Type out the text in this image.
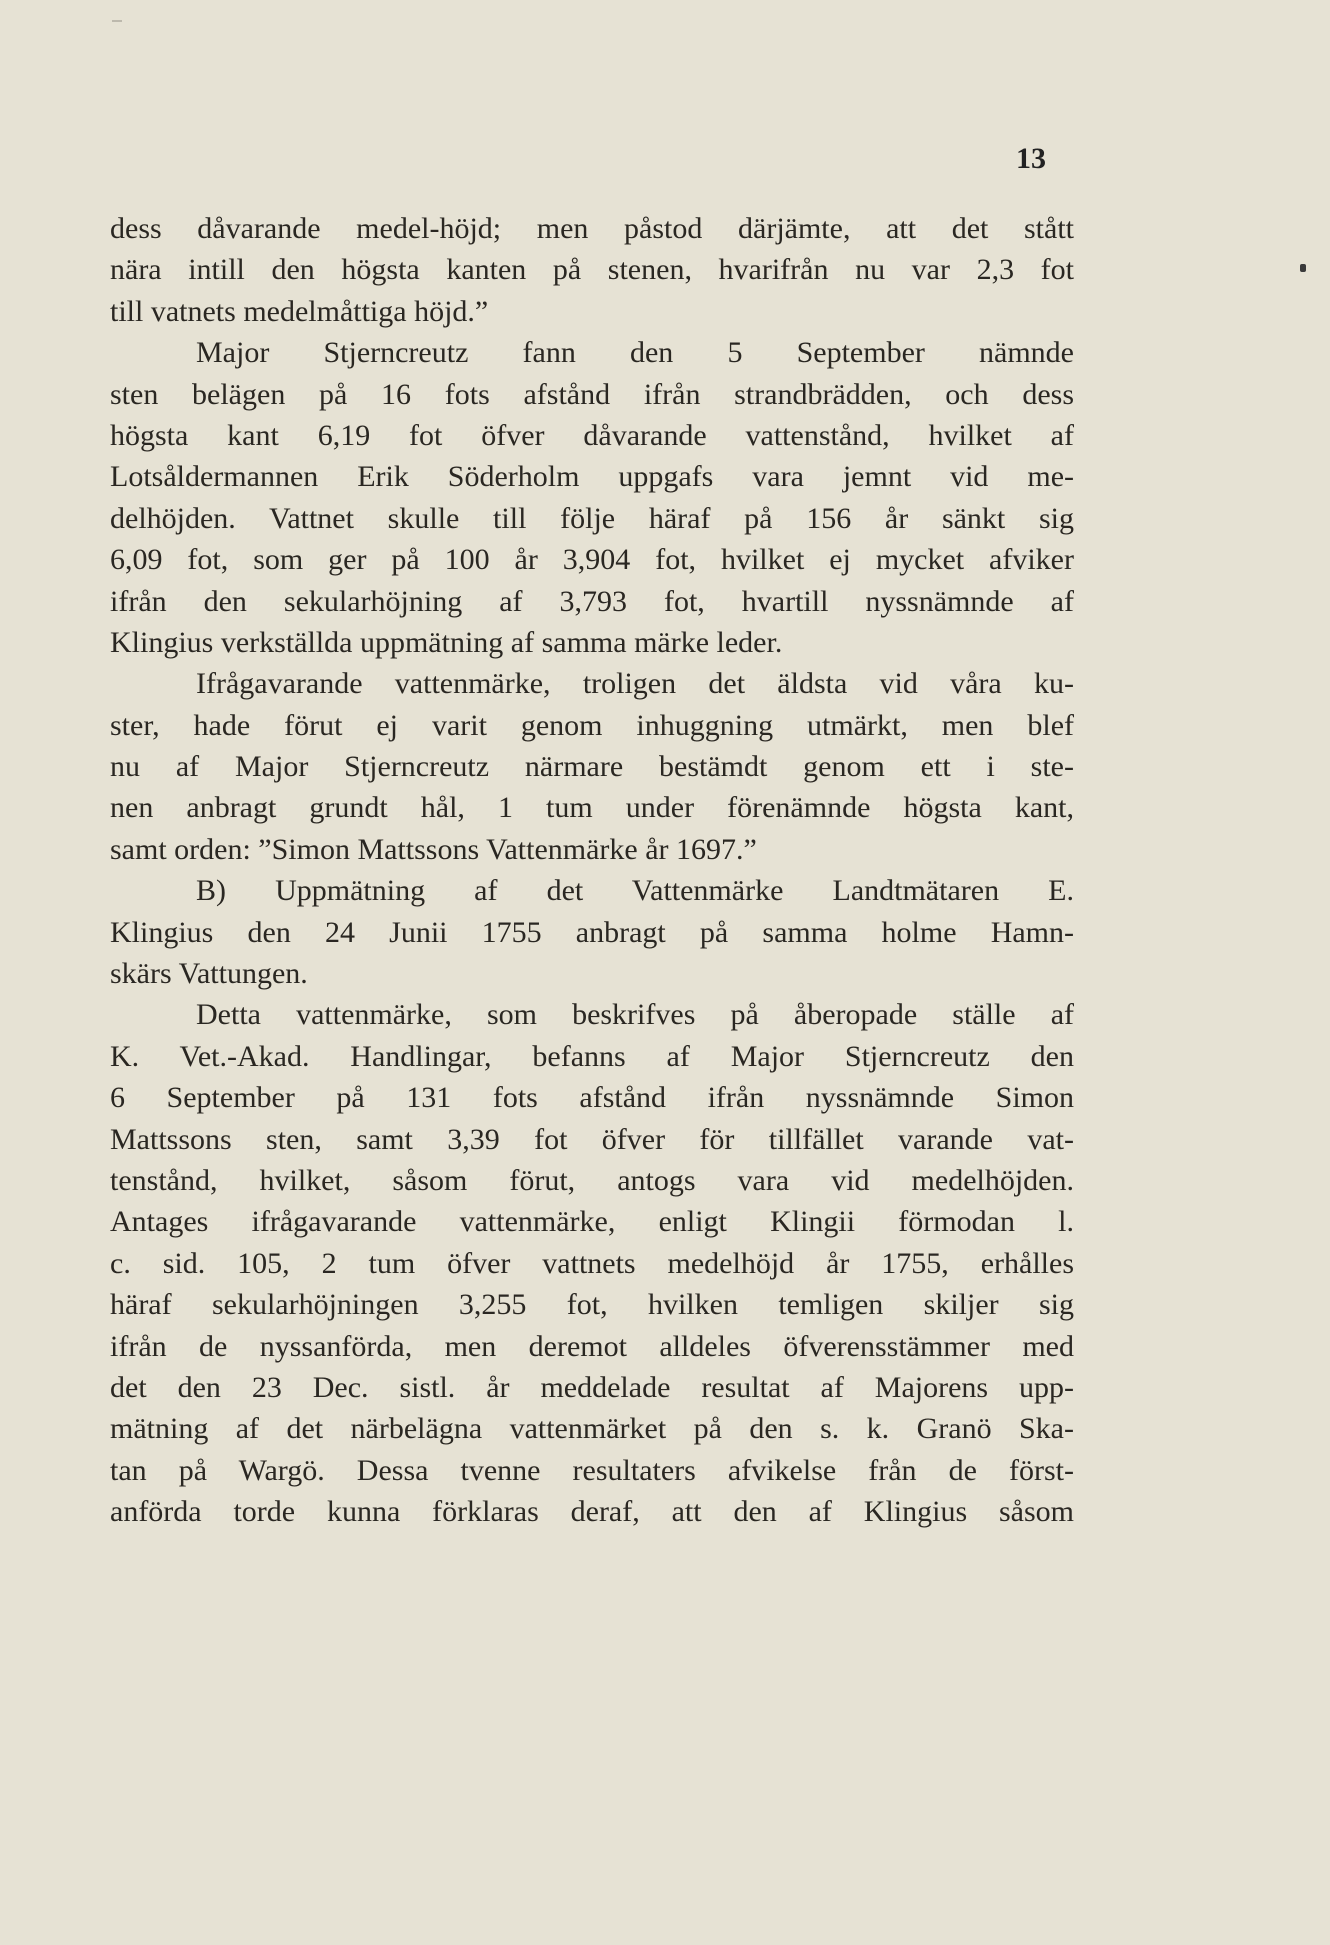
13
dess dåvarande medel-höjd; men påstod därjämte, att det stått
nära intill den högsta kanten på stenen, hvarifrån nu var 2,3 fot
till vatnets medelmåttiga höjd.”
Major Stjerncreutz fann den 5 September nämnde
sten belägen på 16 fots afstånd ifrån strandbrädden, och dess
högsta kant 6,19 fot öfver dåvarande vattenstånd, hvilket af
Lotsåldermannen Erik Söderholm uppgafs vara jemnt vid me-
delhöjden. Vattnet skulle till följe häraf på 156 år sänkt sig
6,09 fot, som ger på 100 år 3,904 fot, hvilket ej mycket afviker
ifrån den sekularhöjning af 3,793 fot, hvartill nyssnämnde af
Klingius verkställda uppmätning af samma märke leder.
Ifrågavarande vattenmärke, troligen det äldsta vid våra ku-
ster, hade förut ej varit genom inhuggning utmärkt, men blef
nu af Major Stjerncreutz närmare bestämdt genom ett i ste-
nen anbragt grundt hål, 1 tum under förenämnde högsta kant,
samt orden: ”Simon Mattssons Vattenmärke år 1697.”
B) Uppmätning af det Vattenmärke Landtmätaren E.
Klingius den 24 Junii 1755 anbragt på samma holme Hamn-
skärs Vattungen.
Detta vattenmärke, som beskrifves på åberopade ställe af
K. Vet.-Akad. Handlingar, befanns af Major Stjerncreutz den
6 September på 131 fots afstånd ifrån nyssnämnde Simon
Mattssons sten, samt 3,39 fot öfver för tillfället varande vat-
tenstånd, hvilket, såsom förut, antogs vara vid medelhöjden.
Antages ifrågavarande vattenmärke, enligt Klingii förmodan l.
c. sid. 105, 2 tum öfver vattnets medelhöjd år 1755, erhålles
häraf sekularhöjningen 3,255 fot, hvilken temligen skiljer sig
ifrån de nyssanförda, men deremot alldeles öfverensstämmer med
det den 23 Dec. sistl. år meddelade resultat af Majorens upp-
mätning af det närbelägna vattenmärket på den s. k. Granö Ska-
tan på Wargö. Dessa tvenne resultaters afvikelse från de först-
anförda torde kunna förklaras deraf, att den af Klingius såsom
